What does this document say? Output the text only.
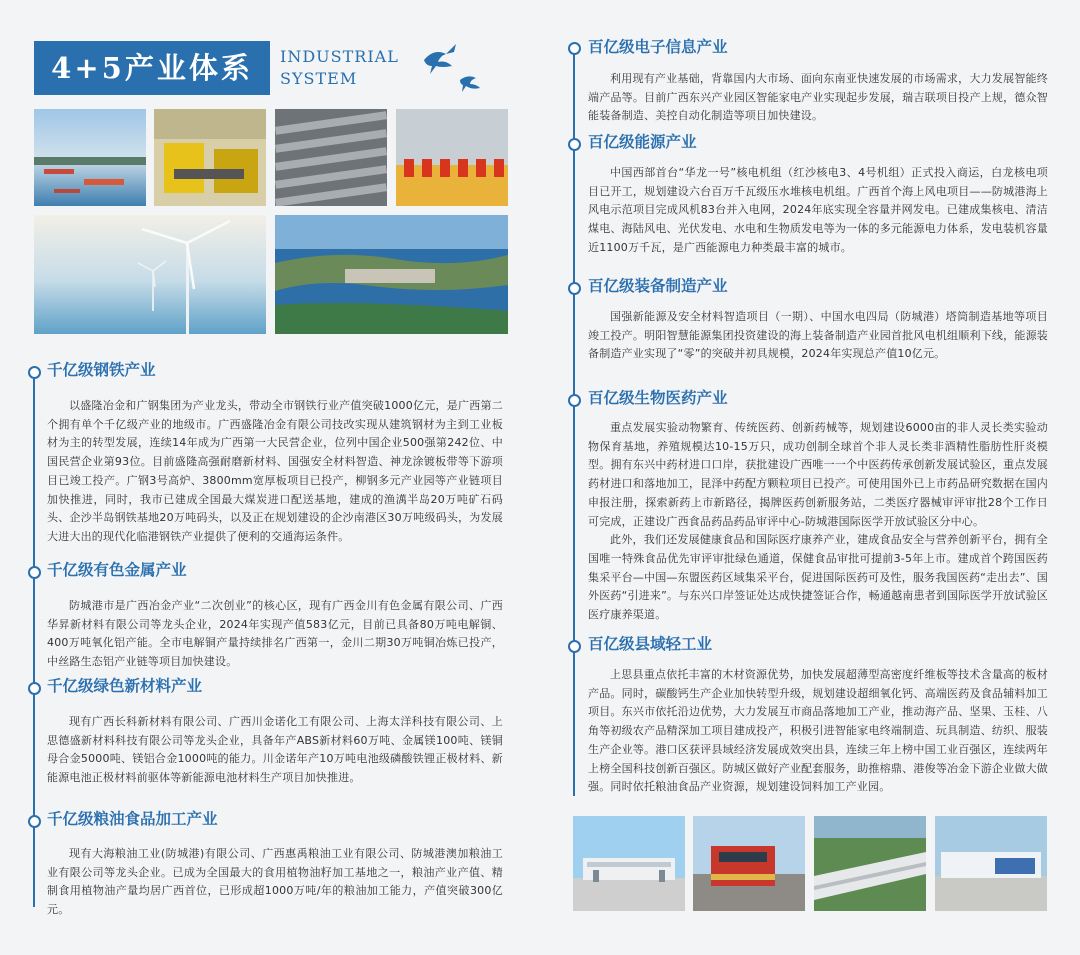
4+5产业体系	INDUSTRIAL
SYSTEM
千亿级钢铁产业

以盛隆冶金和广钢集团为产业龙头，带动全市钢铁行业产值突破1000亿元，是广西第二个拥有单个千亿级产业的地级市。广西盛隆冶金有限公司技改实现从建筑钢材为主到工业板材为主的转型发展，连续14年成为广西第一大民营企业，位列中国企业500强第242位、中国民营企业第93位。目前盛隆高强耐磨新材料、国强安全材料智造、神龙涂镀板带等下游项目已竣工投产。广钢3号高炉、3800mm宽厚板项目已投产，柳钢多元产业园等产业链项目加快推进，同时，我市已建成全国最大煤炭进口配送基地，建成的渔澫半岛20万吨矿石码头、企沙半岛钢铁基地20万吨码头，以及正在规划建设的企沙南港区30万吨级码头，为发展大进大出的现代化临港钢铁产业提供了便利的交通海运条件。

千亿级有色金属产业

防城港市是广西冶金产业“二次创业”的核心区，现有广西金川有色金属有限公司、广西华昇新材料有限公司等龙头企业，2024年实现产值583亿元，目前已具备80万吨电解铜、400万吨氧化铝产能。全市电解铜产量持续排名广西第一，金川二期30万吨铜冶炼已投产，中丝路生态铝产业链等项目加快建设。

千亿级绿色新材料产业

现有广西长科新材料有限公司、广西川金诺化工有限公司、上海太洋科技有限公司、上思德盛新材料科技有限公司等龙头企业，具备年产ABS新材料60万吨、金属镁100吨、镁铜母合金5000吨、镁铝合金1000吨的能力。川金诺年产10万吨电池级磷酸铁锂正极材料、新能源电池正极材料前驱体等新能源电池材料生产项目加快推进。

千亿级粮油食品加工产业

现有大海粮油工业(防城港)有限公司、广西惠禹粮油工业有限公司、防城港澳加粮油工业有限公司等龙头企业。已成为全国最大的食用植物油籽加工基地之一，粮油产业产值、精制食用植物油产量均居广西首位，已形成超1000万吨/年的粮油加工能力，产值突破300亿元。

百亿级电子信息产业

利用现有产业基础，背靠国内大市场、面向东南亚快速发展的市场需求，大力发展智能终端产品等。目前广西东兴产业园区智能家电产业实现起步发展，瑞吉联项目投产上规，德众智能装备制造、美控自动化制造等项目加快建设。

百亿级能源产业

中国西部首台“华龙一号”核电机组（红沙核电3、4号机组）正式投入商运，白龙核电项目已开工，规划建设六台百万千瓦级压水堆核电机组。广西首个海上风电项目——防城港海上风电示范项目完成风机83台并入电网，2024年底实现全容量并网发电。已建成集核电、清洁煤电、海陆风电、光伏发电、水电和生物质发电等为一体的多元能源电力体系，发电装机容量近1100万千瓦，是广西能源电力种类最丰富的城市。

百亿级装备制造产业

国强新能源及安全材料智造项目（一期）、中国水电四局（防城港）塔筒制造基地等项目竣工投产。明阳智慧能源集团投资建设的海上装备制造产业园首批风电机组顺利下线，能源装备制造产业实现了“零”的突破并初具规模，2024年实现总产值10亿元。

百亿级生物医药产业

重点发展实验动物繁育、传统医药、创新药械等，规划建设6000亩的非人灵长类实验动物保育基地，养殖规模达10-15万只，成功创制全球首个非人灵长类非酒精性脂肪性肝炎模型。拥有东兴中药材进口口岸，获批建设广西唯一一个中医药传承创新发展试验区，重点发展药材进口和落地加工，昆泽中药配方颗粒项目已投产。可使用国外已上市药品研究数据在国内申报注册，探索新药上市新路径，揭牌医药创新服务站，二类医疗器械审评审批28个工作日可完成，正建设广西食品药品药品审评中心-防城港国际医学开放试验区分中心。

此外，我们还发展健康食品和国际医疗康养产业，建成食品安全与营养创新平台，拥有全国唯一特殊食品优先审评审批绿色通道，保健食品审批可提前3-5年上市。建成首个跨国医药集采平台—中国—东盟医药区域集采平台，促进国际医药可及性，服务我国医药“走出去”、国外医药“引进来”。与东兴口岸签证处达成快捷签证合作，畅通越南患者到国际医学开放试验区医疗康养渠道。

百亿级县域轻工业

上思县重点依托丰富的木材资源优势，加快发展超薄型高密度纤维板等技术含量高的板材产品。同时，碳酸钙生产企业加快转型升级，规划建设超细氧化钙、高端医药及食品辅料加工项目。东兴市依托沿边优势，大力发展互市商品落地加工产业，推动海产品、坚果、玉桂、八角等初级农产品精深加工项目建成投产，积极引进智能家电终端制造、玩具制造、纺织、服装生产企业等。港口区获评县域经济发展成效突出县，连续三年上榜中国工业百强区，连续两年上榜全国科技创新百强区。防城区做好产业配套服务，助推榕鼎、港俊等冶金下游企业做大做强。同时依托粮油食品产业资源，规划建设饲料加工产业园。
